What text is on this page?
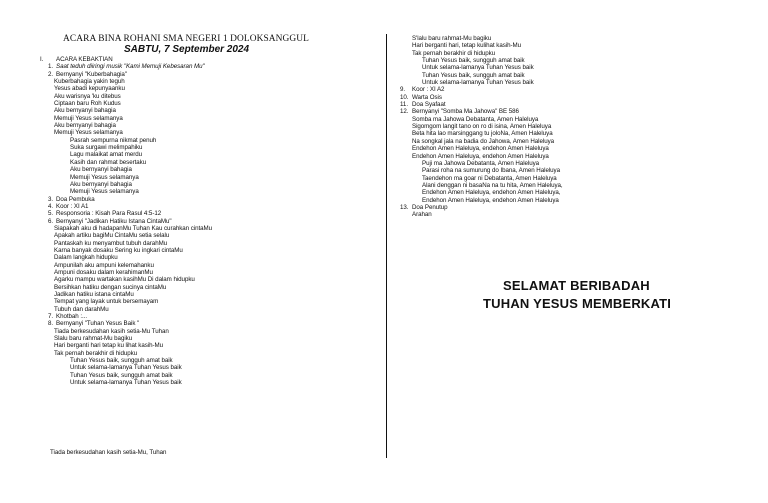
ACARA BINA ROHANI SMA NEGERI 1 DOLOKSANGGUL
SABTU, 7 September 2024
I. ACARA KEBAKTIAN
1. Saat teduh diiringi musik "Kami Memuji Kebesaran Mu"
2. Bernyanyi "Kuberbahagia"
Kuberbahagia yakin teguh
Yesus abadi kepunyaanku
Aku warisnya 'ku ditebus
Ciptaan baru Roh Kudus
Aku bernyanyi bahagia
Memuji Yesus selamanya
Aku bernyanyi bahagia
Memuji Yesus selamanya
Pasrah sempurna nikmat penuh
Suka surgawi melimpahiku
Lagu malaikat amat merdu
Kasih dan rahmat besertaku
Aku bernyanyi bahagia
Memuji Yesus selamanya
Aku bernyanyi bahagia
Memuji Yesus selamanya
3. Doa Pembuka
4. Koor : XI A1
5. Responsoria : Kisah Para Rasul 4:5-12
6. Bernyanyi "Jadikan Hatiku Istana CintaMu"
Siapakah aku di hadapanMu Tuhan Kau curahkan cintaMu
Apakah artiku bagiMu CintaMu setia selalu
Pantaskah ku menyambut tubuh darahMu
Karna banyak dosaku Sering ku ingkari cintaMu
Dalam langkah hidupku
Ampunilah aku ampuni kelemahanku
Ampuni dosaku dalam kerahimanMu
Agarku mampu wartakan kasihMu Di dalam hidupku
Bersihkan hatiku dengan sucinya cintaMu
Jadikan hatiku istana cintaMu
Tempat yang layak untuk bersemayam
Tubuh dan darahMu
7. Khotbah :...
8. Bernyanyi "Tuhan Yesus Baik "
Tiada berkesudahan kasih setia-Mu Tuhan
Slalu baru rahmat-Mu bagiku
Hari berganti hari tetap ku lihat kasih-Mu
Tak pernah berakhir di hidupku
Tuhan Yesus baik, sungguh amat baik
Untuk selama-lamanya Tuhan Yesus baik
Tuhan Yesus baik, sungguh amat baik
Untuk selama-lamanya Tuhan Yesus baik
Tiada berkesudahan kasih setia-Mu, Tuhan
S'lalu baru rahmat-Mu bagiku
Hari berganti hari, tetap kulihat kasih-Mu
Tak pernah berakhir di hidupku
Tuhan Yesus baik, sungguh amat baik
Untuk selama-lamanya Tuhan Yesus baik
Tuhan Yesus baik, sungguh amat baik
Untuk selama-lamanya Tuhan Yesus baik
9. Koor : XI A2
10. Warta Osis
11. Doa Syafaat
12. Bernyanyi "Somba Ma Jahowa" BE 586
Somba ma Jahowa Debatanta, Amen Haleluya
Sigomgom langit tano on ro di isina, Amen Haleluya
Beta hita lao marsinggang tu joloNa, Amen Haleluya
Na songkal jala na badia do Jahowa, Amen Haleluya
Endehon Amen Haleluya, endehon Amen Haleluya
Endehon Amen Haleluya, endehon Amen Haleluya
Puji ma Jahowa Debatanta, Amen Haleluya
Parasi roha na sumurung do Ibana, Amen Haleluya
Taendehon ma goar ni Debatanta, Amen Haleluya
Alani denggan ni basaNa na tu hita, Amen Haleluya,
Endehon Amen Haleluya, endehon Amen Haleluya,
Endehon Amen Haleluya, endehon Amen Haleluya
13. Doa Penutup
Arahan
SELAMAT BERIBADAH
TUHAN YESUS MEMBERKATI
